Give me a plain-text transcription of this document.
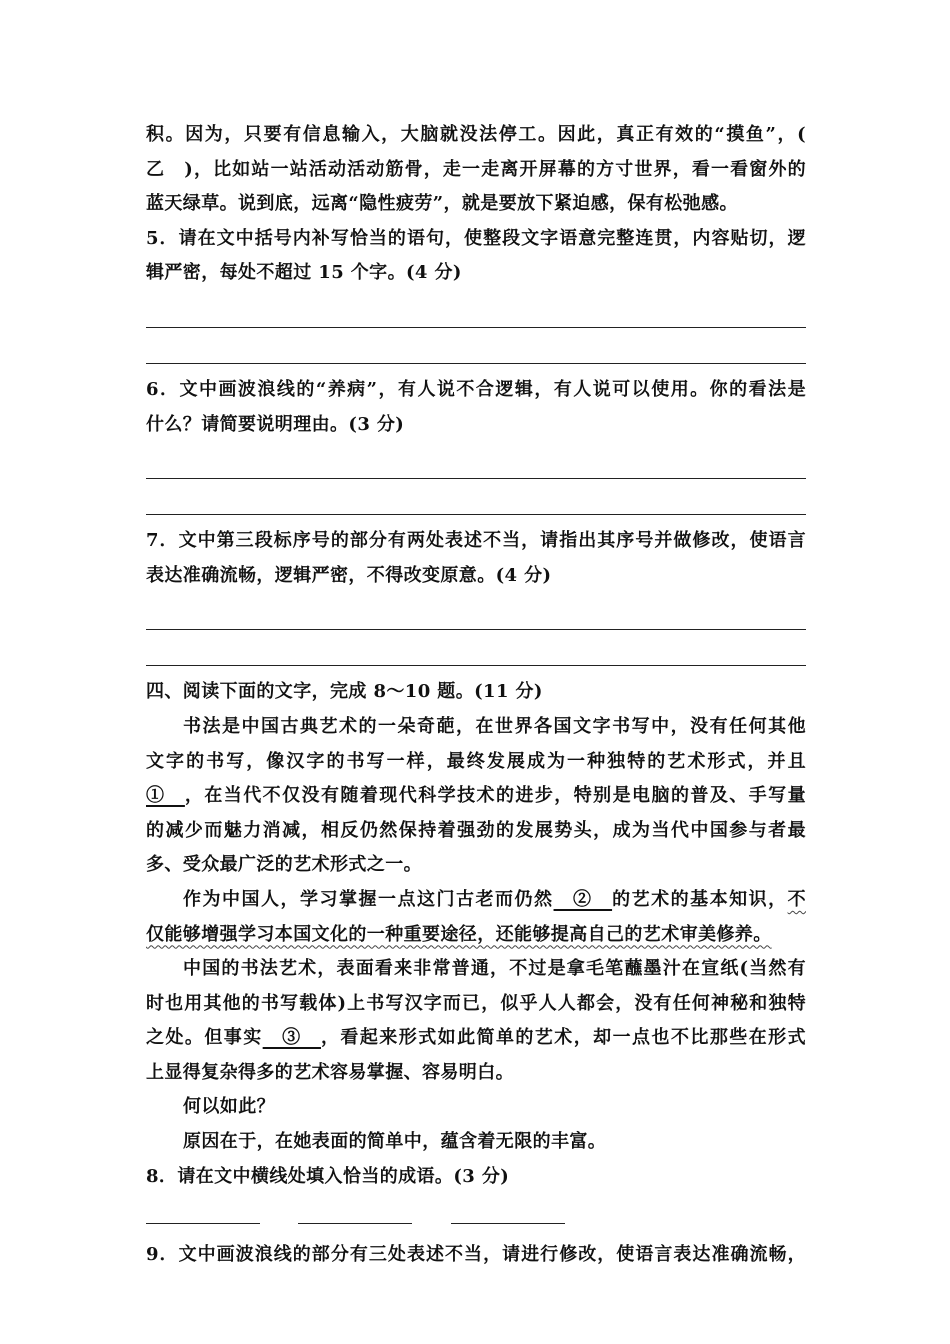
积。因为，只要有信息输入，大脑就没法停工。因此，真正有效的“摸鱼”，(
乙　)，比如站一站活动活动筋骨，走一走离开屏幕的方寸世界，看一看窗外的
蓝天绿草。说到底，远离“隐性疲劳”，就是要放下紧迫感，保有松弛感。
5．请在文中括号内补写恰当的语句，使整段文字语意完整连贯，内容贴切，逻
辑严密，每处不超过 15 个字。(4 分)
6．文中画波浪线的“养病”，有人说不合逻辑，有人说可以使用。你的看法是
什么？请简要说明理由。(3 分)
7．文中第三段标序号的部分有两处表述不当，请指出其序号并做修改，使语言
表达准确流畅，逻辑严密，不得改变原意。(4 分)
四、阅读下面的文字，完成 8～10 题。(11 分)
书法是中国古典艺术的一朵奇葩，在世界各国文字书写中，没有任何其他
文字的书写，像汉字的书写一样，最终发展成为一种独特的艺术形式，并且
①　，在当代不仅没有随着现代科学技术的进步，特别是电脑的普及、手写量
的减少而魅力消减，相反仍然保持着强劲的发展势头，成为当代中国参与者最
多、受众最广泛的艺术形式之一。
作为中国人，学习掌握一点这门古老而仍然　②　的艺术的基本知识，不
仅能够增强学习本国文化的一种重要途径，还能够提高自己的艺术审美修养。
中国的书法艺术，表面看来非常普通，不过是拿毛笔蘸墨汁在宣纸(当然有
时也用其他的书写载体)上书写汉字而已，似乎人人都会，没有任何神秘和独特
之处。但事实　③　，看起来形式如此简单的艺术，却一点也不比那些在形式
上显得复杂得多的艺术容易掌握、容易明白。
何以如此？
原因在于，在她表面的简单中，蕴含着无限的丰富。
8．请在文中横线处填入恰当的成语。(3 分)
9．文中画波浪线的部分有三处表述不当，请进行修改，使语言表达准确流畅，
